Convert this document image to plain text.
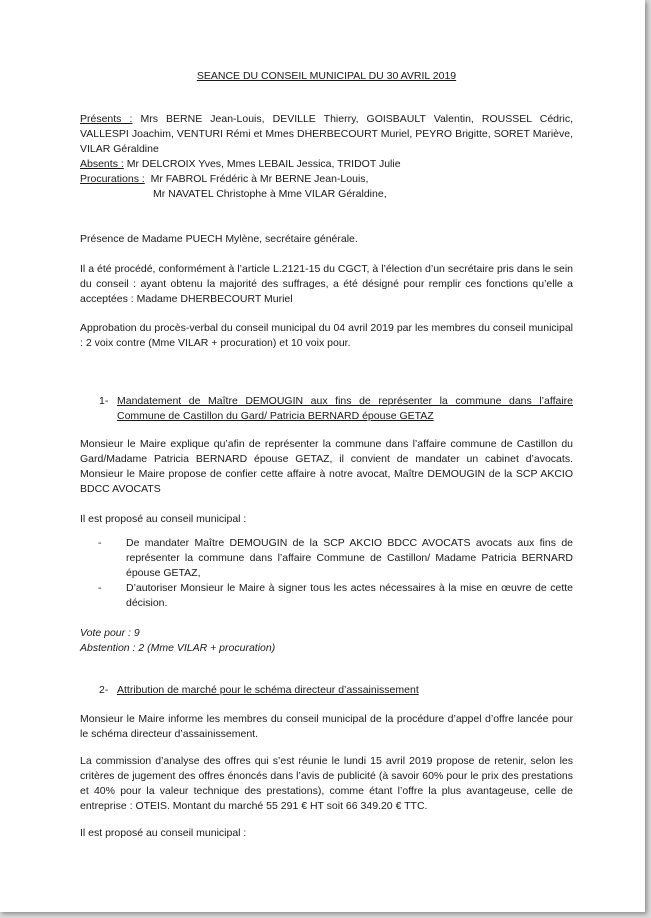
SEANCE DU CONSEIL MUNICIPAL DU 30 AVRIL 2019

Présents : Mrs BERNE Jean-Louis, DEVILLE Thierry, GOISBAULT Valentin, ROUSSEL Cédric, VALLESPI Joachim, VENTURI Rémi et Mmes DHERBECOURT Muriel, PEYRO Brigitte, SORET Mariève, VILAR Géraldine

Absents : Mr DELCROIX Yves, Mmes LEBAIL Jessica, TRIDOT Julie

Procurations :  Mr FABROL Frédéric à Mr BERNE Jean-Louis,

Mr NAVATEL Christophe à Mme VILAR Géraldine,

Présence de Madame PUECH Mylène, secrétaire générale.

Il a été procédé, conformément à l’article L.2121-15 du CGCT, à l’élection d’un secrétaire pris dans le sein du conseil : ayant obtenu la majorité des suffrages, a été désigné pour remplir ces fonctions qu’elle a acceptées : Madame DHERBECOURT Muriel

Approbation du procès-verbal du conseil municipal du 04 avril 2019 par les membres du conseil municipal : 2 voix contre (Mme VILAR + procuration) et 10 voix pour.

1- Mandatement de Maître DEMOUGIN aux fins de représenter la commune dans l’affaire Commune de Castillon du Gard/ Patricia BERNARD épouse GETAZ

Monsieur le Maire explique qu’afin de représenter la commune dans l’affaire commune de Castillon du Gard/Madame Patricia BERNARD épouse GETAZ, il convient de mandater un cabinet d’avocats. Monsieur le Maire propose de confier cette affaire à notre avocat, Maître DEMOUGIN de la SCP AKCIO BDCC AVOCATS

Il est proposé au conseil municipal :

-	De mandater Maître DEMOUGIN de la SCP AKCIO BDCC AVOCATS avocats aux fins de représenter la commune dans l’affaire Commune de Castillon/ Madame Patricia BERNARD épouse GETAZ,
-	D’autoriser Monsieur le Maire à signer tous les actes nécessaires à la mise en œuvre de cette décision.

Vote pour : 9

Abstention : 2 (Mme VILAR + procuration)

2- Attribution de marché pour le schéma directeur d’assainissement

Monsieur le Maire informe les membres du conseil municipal de la procédure d’appel d’offre lancée pour le schéma directeur d’assainissement.

La commission d’analyse des offres qui s’est réunie le lundi 15 avril 2019 propose de retenir, selon les critères de jugement des offres énoncés dans l’avis de publicité (à savoir 60% pour le prix des prestations et 40% pour la valeur technique des prestations), comme étant l’offre la plus avantageuse, celle de entreprise : OTEIS. Montant du marché 55 291 € HT soit 66 349.20 € TTC.

Il est proposé au conseil municipal :
